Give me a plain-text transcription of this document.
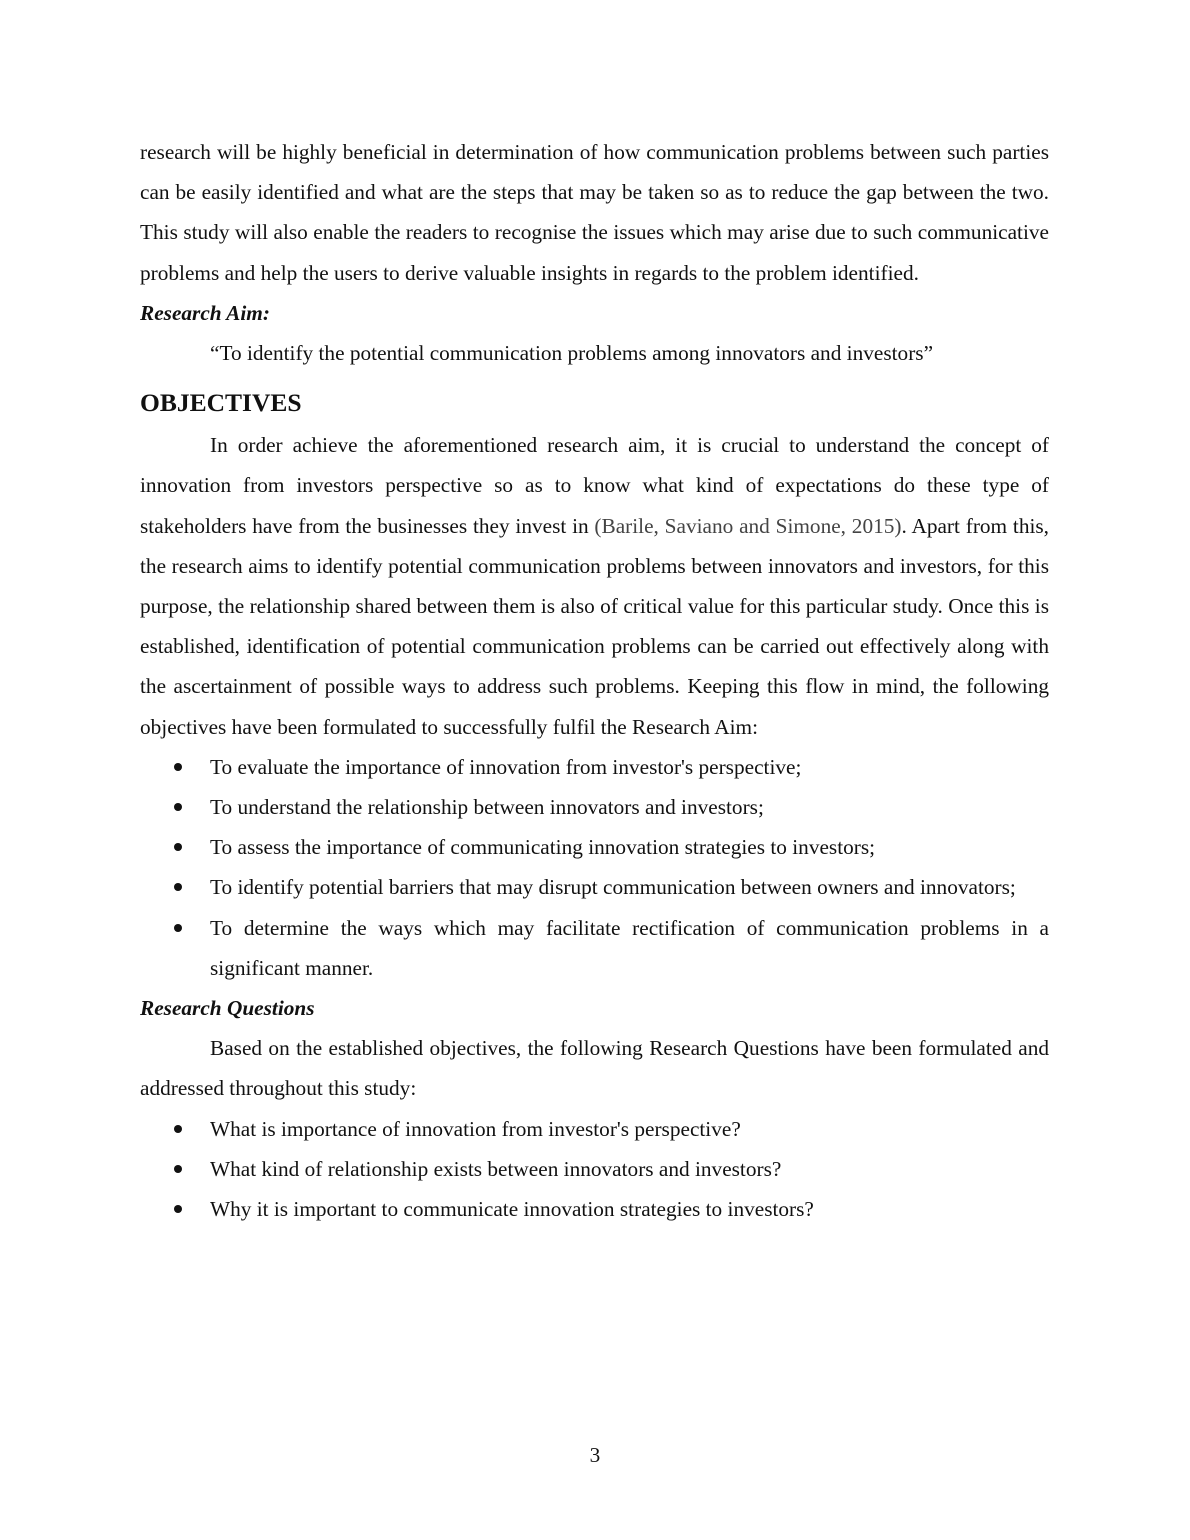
research will be highly beneficial in determination of how communication problems between such parties can be easily identified and what are the steps that may be taken so as to reduce the gap between the two. This study will also enable the readers to recognise the issues which may arise due to such communicative problems and help the users to derive valuable insights in regards to the problem identified.

Research Aim:

“To identify the potential communication problems among innovators and investors”

OBJECTIVES

In order achieve the aforementioned research aim, it is crucial to understand the concept of innovation from investors perspective so as to know what kind of expectations do these type of stakeholders have from the businesses they invest in (Barile, Saviano and Simone, 2015). Apart from this, the research aims to identify potential communication problems between innovators and investors, for this purpose, the relationship shared between them is also of critical value for this particular study. Once this is established, identification of potential communication problems can be carried out effectively along with the ascertainment of possible ways to address such problems. Keeping this flow in mind, the following objectives have been formulated to successfully fulfil the Research Aim:

To evaluate the importance of innovation from investor's perspective;
To understand the relationship between innovators and investors;
To assess the importance of communicating innovation strategies to investors;
To identify potential barriers that may disrupt communication between owners and innovators;
To determine the ways which may facilitate rectification of communication problems in a significant manner.

Research Questions

Based on the established objectives, the following Research Questions have been formulated and addressed throughout this study:

What is importance of innovation from investor's perspective?
What kind of relationship exists between innovators and investors?
Why it is important to communicate innovation strategies to investors?
3
